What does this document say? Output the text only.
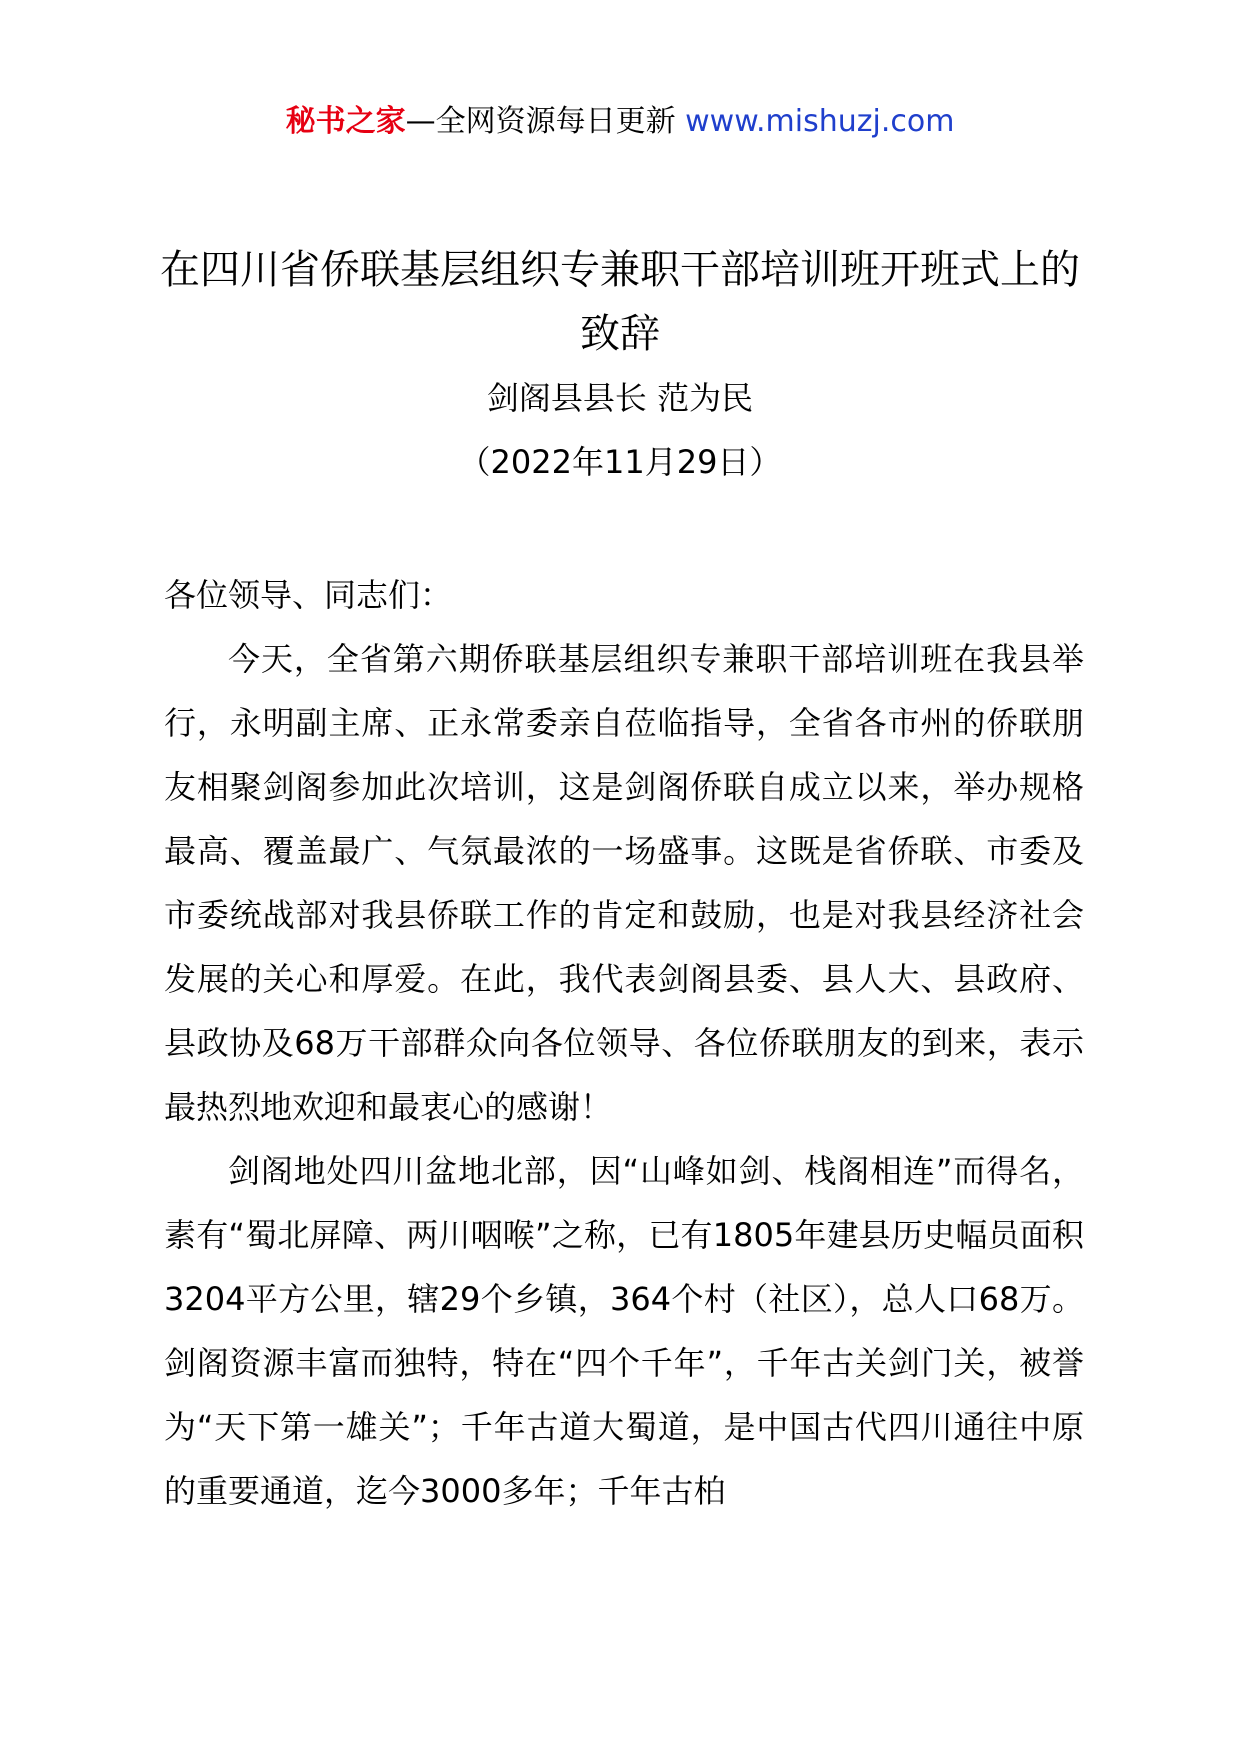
秘书之家—全网资源每日更新 www.mishuzj.com
在四川省侨联基层组织专兼职干部培训班开班式上的致辞
剑阁县县长 范为民
（2022年11月29日）

各位领导、同志们：

今天，全省第六期侨联基层组织专兼职干部培训班在我县举行，永明副主席、正永常委亲自莅临指导，全省各市州的侨联朋友相聚剑阁参加此次培训，这是剑阁侨联自成立以来，举办规格最高、覆盖最广、气氛最浓的一场盛事。这既是省侨联、市委及市委统战部对我县侨联工作的肯定和鼓励，也是对我县经济社会发展的关心和厚爱。在此，我代表剑阁县委、县人大、县政府、县政协及68万干部群众向各位领导、各位侨联朋友的到来，表示最热烈地欢迎和最衷心的感谢！

剑阁地处四川盆地北部，因“山峰如剑、栈阁相连”而得名，素有“蜀北屏障、两川咽喉”之称，已有1805年建县历史幅员面积3204平方公里，辖29个乡镇，364个村（社区），总人口68万。剑阁资源丰富而独特，特在“四个千年”，千年古关剑门关，被誉为“天下第一雄关”；千年古道大蜀道，是中国古代四川通往中原的重要通道，迄今3000多年；千年古柏
